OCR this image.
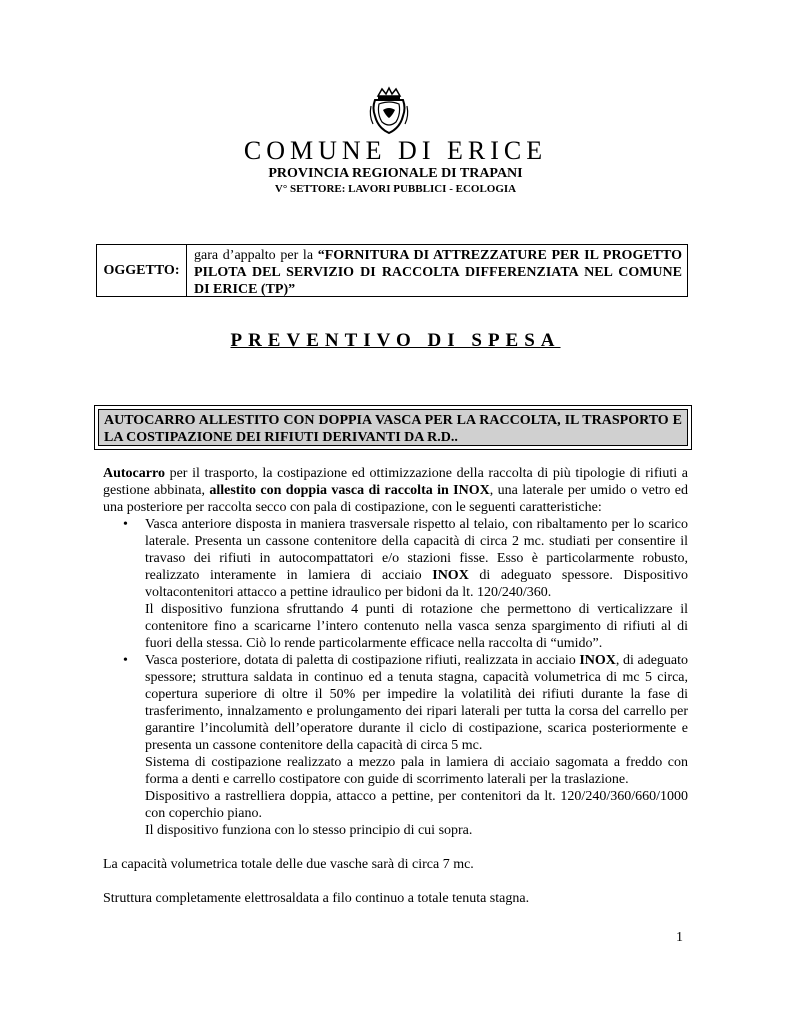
COMUNE DI ERICE
PROVINCIA REGIONALE DI TRAPANI
V° SETTORE: LAVORI PUBBLICI - ECOLOGIA
OGGETTO:
gara d’appalto per la “FORNITURA DI ATTREZZATURE PER IL PROGETTO PILOTA DEL SERVIZIO DI RACCOLTA DIFFERENZIATA NEL COMUNE DI ERICE (TP)”
PREVENTIVO DI SPESA
AUTOCARRO ALLESTITO CON DOPPIA VASCA PER LA RACCOLTA, IL TRASPORTO E LA COSTIPAZIONE DEI RIFIUTI DERIVANTI DA R.D..

Autocarro per il trasporto, la costipazione ed ottimizzazione della raccolta di più tipologie di rifiuti a gestione abbinata, allestito con doppia vasca di raccolta in INOX, una laterale per umido o vetro ed una posteriore per raccolta secco con pala di costipazione, con le seguenti caratteristiche:

• Vasca anteriore disposta in maniera trasversale rispetto al telaio, con ribaltamento per lo scarico laterale. Presenta un cassone contenitore della capacità di circa 2 mc. studiati per consentire il travaso dei rifiuti in autocompattatori e/o stazioni fisse. Esso è particolarmente robusto, realizzato interamente in lamiera di acciaio INOX di adeguato spessore. Dispositivo voltacontenitori attacco a pettine idraulico per bidoni da lt. 120/240/360.

Il dispositivo funziona sfruttando 4 punti di rotazione che permettono di verticalizzare il contenitore fino a scaricarne l’intero contenuto nella vasca senza spargimento di rifiuti al di fuori della stessa. Ciò lo rende particolarmente efficace nella raccolta di “umido”.

• Vasca posteriore, dotata di paletta di costipazione rifiuti, realizzata in acciaio INOX, di adeguato spessore; struttura saldata in continuo ed a tenuta stagna, capacità volumetrica di mc 5 circa, copertura superiore di oltre il 50% per impedire la volatilità dei rifiuti durante la fase di trasferimento, innalzamento e prolungamento dei ripari laterali per tutta la corsa del carrello per garantire l’incolumità dell’operatore durante il ciclo di costipazione, scarica posteriormente e presenta un cassone contenitore della capacità di circa 5 mc.

Sistema di costipazione realizzato a mezzo pala in lamiera di acciaio sagomata a freddo con forma a denti e carrello costipatore con guide di scorrimento laterali per la traslazione.

Dispositivo a rastrelliera doppia, attacco a pettine, per contenitori da lt. 120/240/360/660/1000 con coperchio piano.

Il dispositivo funziona con lo stesso principio di cui sopra.

La capacità volumetrica totale delle due vasche sarà di circa 7 mc.

Struttura completamente elettrosaldata a filo continuo a totale tenuta stagna.

1
